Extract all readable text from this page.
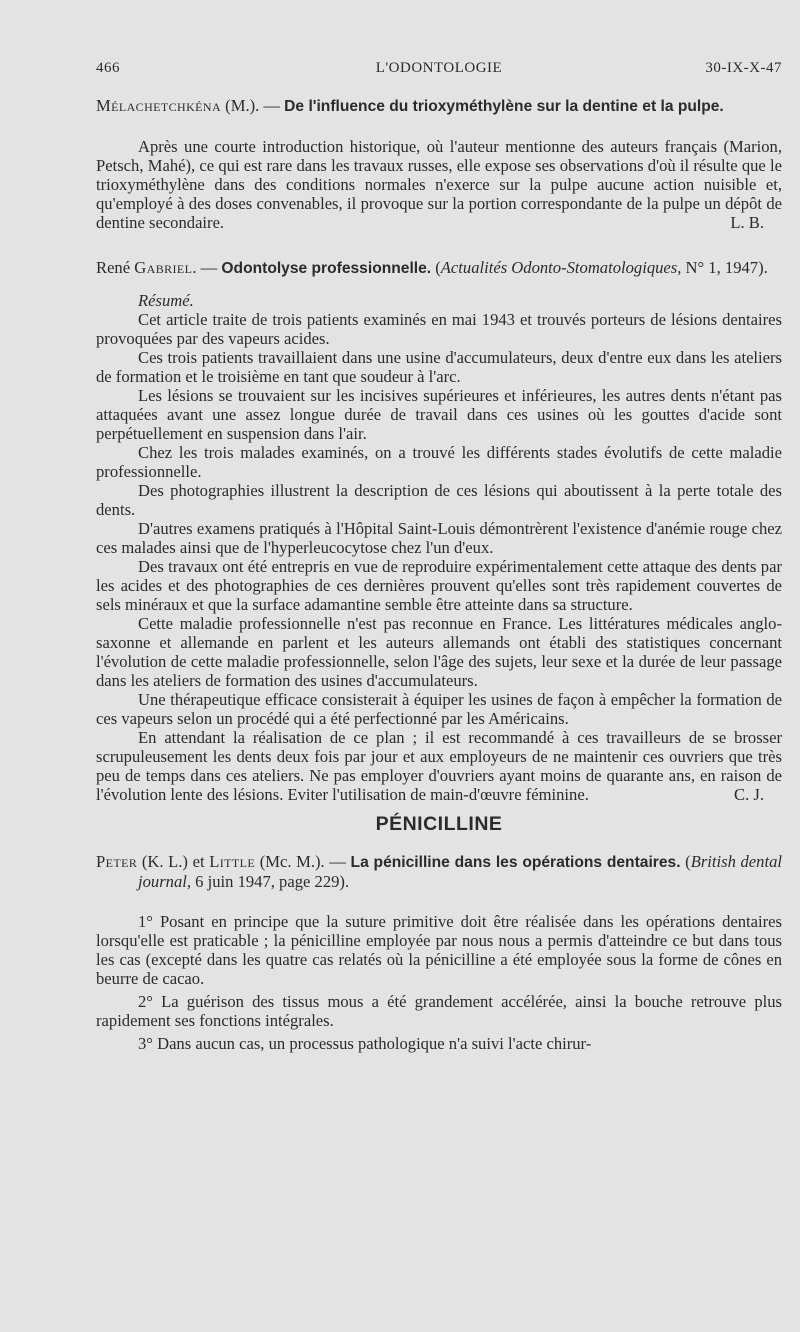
L'ODONTOLOGIE
466	30-IX-X-47

Mélachetchkéna (M.). — De l'influence du trioxyméthylène sur la dentine et la pulpe.

Après une courte introduction historique, où l'auteur mentionne des auteurs français (Marion, Petsch, Mahé), ce qui est rare dans les travaux russes, elle expose ses observations d'où il résulte que le trioxyméthylène dans des conditions normales n'exerce sur la pulpe aucune action nuisible et, qu'employé à des doses convenables, il provoque sur la portion correspondante de la pulpe un dépôt de dentine secondaire.	L. B.

René Gabriel. — Odontolyse professionnelle. (Actualités Odonto-Stomatologiques, N° 1, 1947).

Résumé.

Cet article traite de trois patients examinés en mai 1943 et trouvés porteurs de lésions dentaires provoquées par des vapeurs acides.

Ces trois patients travaillaient dans une usine d'accumulateurs, deux d'entre eux dans les ateliers de formation et le troisième en tant que soudeur à l'arc.

Les lésions se trouvaient sur les incisives supérieures et inférieures, les autres dents n'étant pas attaquées avant une assez longue durée de travail dans ces usines où les gouttes d'acide sont perpétuellement en suspension dans l'air.

Chez les trois malades examinés, on a trouvé les différents stades évolutifs de cette maladie professionnelle.

Des photographies illustrent la description de ces lésions qui aboutissent à la perte totale des dents.

D'autres examens pratiqués à l'Hôpital Saint-Louis démontrèrent l'existence d'anémie rouge chez ces malades ainsi que de l'hyperleucocytose chez l'un d'eux.

Des travaux ont été entrepris en vue de reproduire expérimentalement cette attaque des dents par les acides et des photographies de ces dernières prouvent qu'elles sont très rapidement couvertes de sels minéraux et que la surface adamantine semble être atteinte dans sa structure.

Cette maladie professionnelle n'est pas reconnue en France. Les littératures médicales anglo-saxonne et allemande en parlent et les auteurs allemands ont établi des statistiques concernant l'évolution de cette maladie professionnelle, selon l'âge des sujets, leur sexe et la durée de leur passage dans les ateliers de formation des usines d'accumulateurs.

Une thérapeutique efficace consisterait à équiper les usines de façon à empêcher la formation de ces vapeurs selon un procédé qui a été perfectionné par les Américains.

En attendant la réalisation de ce plan ; il est recommandé à ces travailleurs de se brosser scrupuleusement les dents deux fois par jour et aux employeurs de ne maintenir ces ouvriers que très peu de temps dans ces ateliers. Ne pas employer d'ouvriers ayant moins de quarante ans, en raison de l'évolution lente des lésions. Eviter l'utilisation de main-d'œuvre féminine.	C. J.

PÉNICILLINE

Peter (K. L.) et Little (Mc. M.). — La pénicilline dans les opérations dentaires. (British dental journal, 6 juin 1947, page 229).

1° Posant en principe que la suture primitive doit être réalisée dans les opérations dentaires lorsqu'elle est praticable ; la pénicilline employée par nous nous a permis d'atteindre ce but dans tous les cas (excepté dans les quatre cas relatés où la pénicilline a été employée sous la forme de cônes en beurre de cacao.

2° La guérison des tissus mous a été grandement accélérée, ainsi la bouche retrouve plus rapidement ses fonctions intégrales.

3° Dans aucun cas, un processus pathologique n'a suivi l'acte chirur-
